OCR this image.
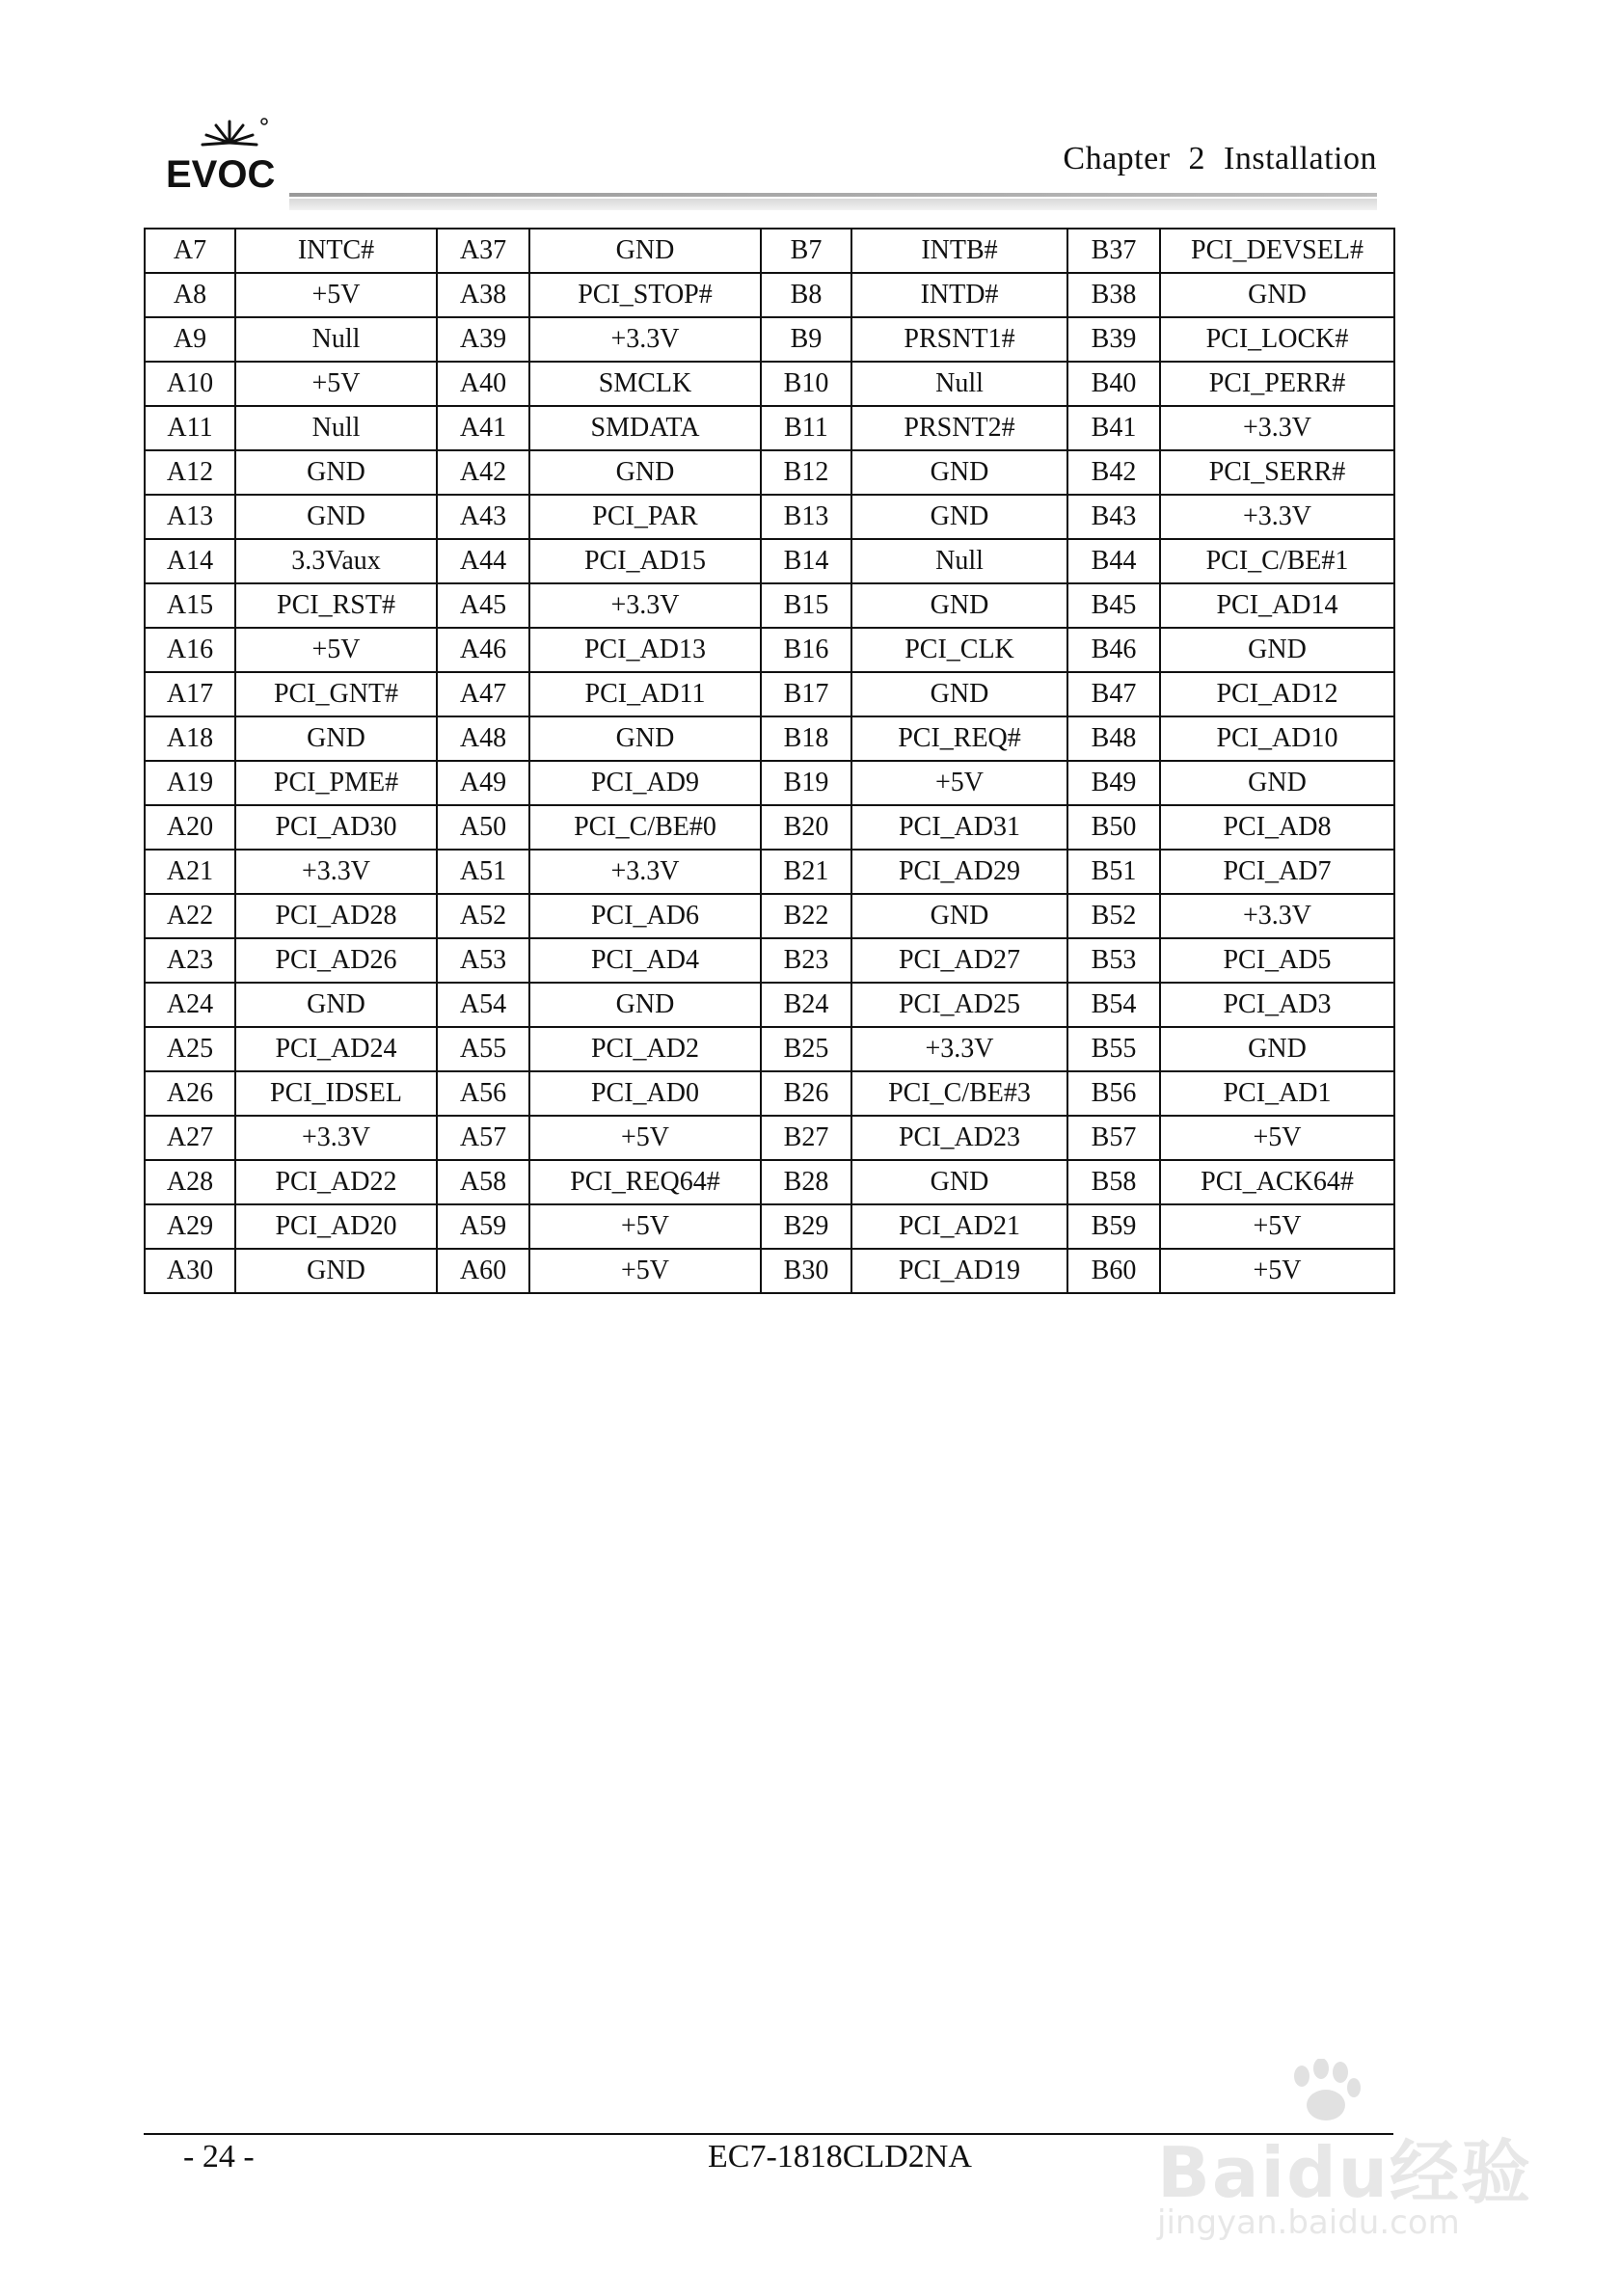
EVOC	Chapter 2 Installation
A7	INTC#	A37	GND	B7	INTB#	B37	PCI_DEVSEL#
A8	+5V	A38	PCI_STOP#	B8	INTD#	B38	GND
A9	Null	A39	+3.3V	B9	PRSNT1#	B39	PCI_LOCK#
A10	+5V	A40	SMCLK	B10	Null	B40	PCI_PERR#
A11	Null	A41	SMDATA	B11	PRSNT2#	B41	+3.3V
A12	GND	A42	GND	B12	GND	B42	PCI_SERR#
A13	GND	A43	PCI_PAR	B13	GND	B43	+3.3V
A14	3.3Vaux	A44	PCI_AD15	B14	Null	B44	PCI_C/BE#1
A15	PCI_RST#	A45	+3.3V	B15	GND	B45	PCI_AD14
A16	+5V	A46	PCI_AD13	B16	PCI_CLK	B46	GND
A17	PCI_GNT#	A47	PCI_AD11	B17	GND	B47	PCI_AD12
A18	GND	A48	GND	B18	PCI_REQ#	B48	PCI_AD10
A19	PCI_PME#	A49	PCI_AD9	B19	+5V	B49	GND
A20	PCI_AD30	A50	PCI_C/BE#0	B20	PCI_AD31	B50	PCI_AD8
A21	+3.3V	A51	+3.3V	B21	PCI_AD29	B51	PCI_AD7
A22	PCI_AD28	A52	PCI_AD6	B22	GND	B52	+3.3V
A23	PCI_AD26	A53	PCI_AD4	B23	PCI_AD27	B53	PCI_AD5
A24	GND	A54	GND	B24	PCI_AD25	B54	PCI_AD3
A25	PCI_AD24	A55	PCI_AD2	B25	+3.3V	B55	GND
A26	PCI_IDSEL	A56	PCI_AD0	B26	PCI_C/BE#3	B56	PCI_AD1
A27	+3.3V	A57	+5V	B27	PCI_AD23	B57	+5V
A28	PCI_AD22	A58	PCI_REQ64#	B28	GND	B58	PCI_ACK64#
A29	PCI_AD20	A59	+5V	B29	PCI_AD21	B59	+5V
A30	GND	A60	+5V	B30	PCI_AD19	B60	+5V
- 24 -	EC7-1818CLD2NA	Baidu经验
jingyan.baidu.com
